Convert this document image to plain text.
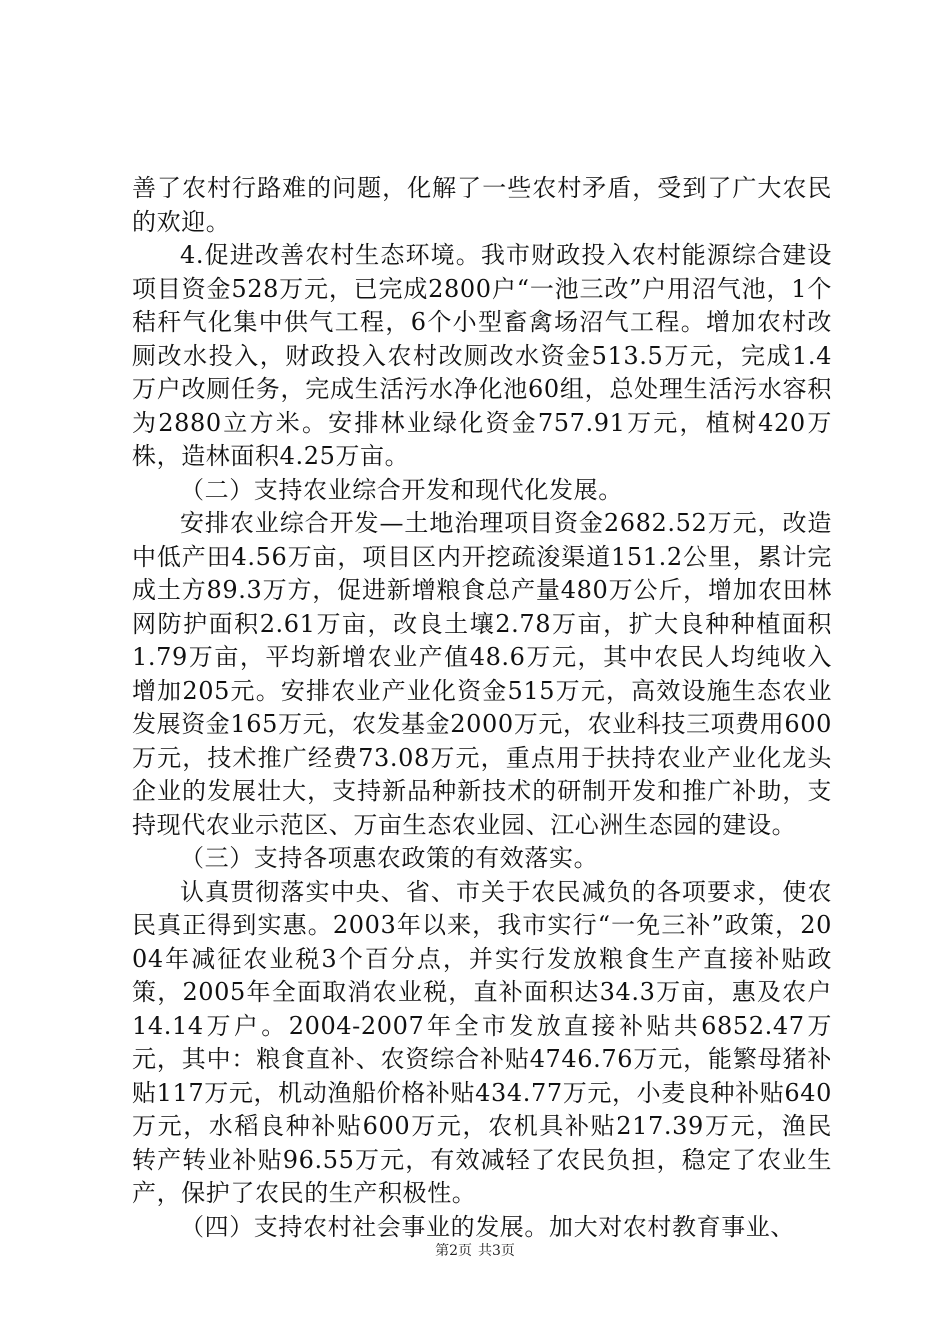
善了农村行路难的问题，化解了一些农村矛盾，受到了广大农民的欢迎。

4.促进改善农村生态环境。我市财政投入农村能源综合建设项目资金528万元，已完成2800户“一池三改”户用沼气池，1个秸秆气化集中供气工程，6个小型畜禽场沼气工程。增加农村改厕改水投入，财政投入农村改厕改水资金513.5万元，完成1.4万户改厕任务，完成生活污水净化池60组，总处理生活污水容积为2880立方米。安排林业绿化资金757.91万元，植树420万株，造林面积4.25万亩。

（二）支持农业综合开发和现代化发展。

安排农业综合开发—土地治理项目资金2682.52万元，改造中低产田4.56万亩，项目区内开挖疏浚渠道151.2公里，累计完成土方89.3万方，促进新增粮食总产量480万公斤，增加农田林网防护面积2.61万亩，改良土壤2.78万亩，扩大良种种植面积1.79万亩，平均新增农业产值48.6万元，其中农民人均纯收入增加205元。安排农业产业化资金515万元，高效设施生态农业发展资金165万元，农发基金2000万元，农业科技三项费用600万元，技术推广经费73.08万元，重点用于扶持农业产业化龙头企业的发展壮大，支持新品种新技术的研制开发和推广补助，支持现代农业示范区、万亩生态农业园、江心洲生态园的建设。

（三）支持各项惠农政策的有效落实。

认真贯彻落实中央、省、市关于农民减负的各项要求，使农民真正得到实惠。2003年以来，我市实行“一免三补”政策，2004年减征农业税3个百分点，并实行发放粮食生产直接补贴政策，2005年全面取消农业税，直补面积达34.3万亩，惠及农户14.14万户。2004-2007年全市发放直接补贴共6852.47万元，其中：粮食直补、农资综合补贴4746.76万元，能繁母猪补贴117万元，机动渔船价格补贴434.77万元，小麦良种补贴640万元，水稻良种补贴600万元，农机具补贴217.39万元，渔民转产转业补贴96.55万元，有效减轻了农民负担，稳定了农业生产，保护了农民的生产积极性。

（四）支持农村社会事业的发展。加大对农村教育事业、

第2页 共3页
